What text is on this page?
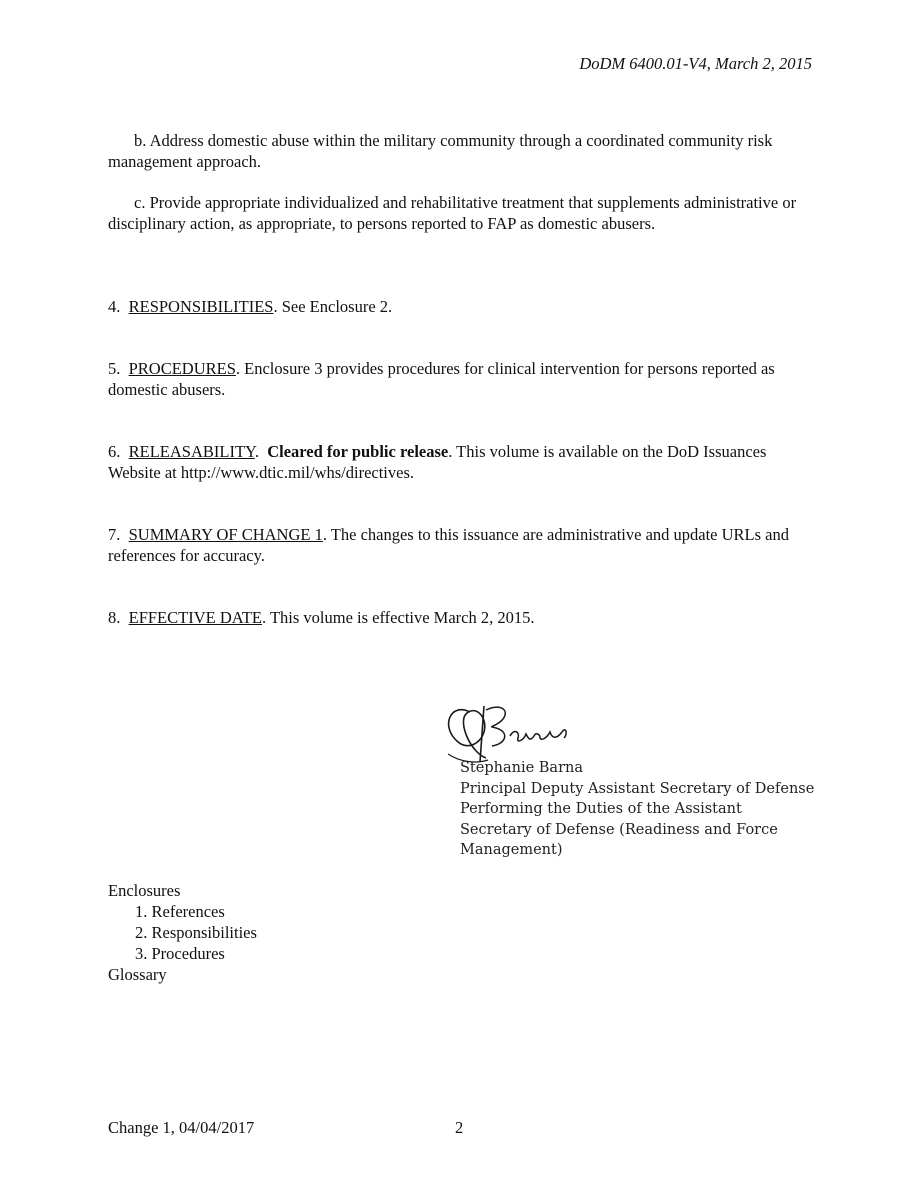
DoDM 6400.01-V4, March 2, 2015
b. Address domestic abuse within the military community through a coordinated community risk management approach.
c. Provide appropriate individualized and rehabilitative treatment that supplements administrative or disciplinary action, as appropriate, to persons reported to FAP as domestic abusers.
4. RESPONSIBILITIES. See Enclosure 2.
5. PROCEDURES. Enclosure 3 provides procedures for clinical intervention for persons reported as domestic abusers.
6. RELEASABILITY.  Cleared for public release. This volume is available on the DoD Issuances Website at http://www.dtic.mil/whs/directives.
7. SUMMARY OF CHANGE 1. The changes to this issuance are administrative and update URLs and references for accuracy.
8. EFFECTIVE DATE. This volume is effective March 2, 2015.
Stephanie Barna
Principal Deputy Assistant Secretary of Defense
Performing the Duties of the Assistant
Secretary of Defense (Readiness and Force
Management)
Enclosures
1. References
2. Responsibilities
3. Procedures
Glossary
Change 1, 04/04/2017	2
